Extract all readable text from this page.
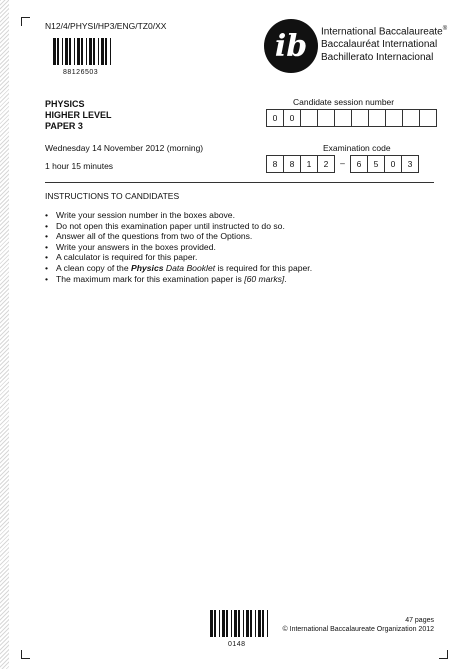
N12/4/PHYSI/HP3/ENG/TZ0/XX
88126503
ib International Baccalaureate®
Baccalauréat International
Bachillerato Internacional
PHYSICS
HIGHER LEVEL
PAPER 3
Candidate session number
0	0
Wednesday 14 November 2012 (morning)
1 hour 15 minutes
Examination code
8	8	1	2	–	6	5	0	3
INSTRUCTIONS TO CANDIDATES
• Write your session number in the boxes above.
• Do not open this examination paper until instructed to do so.
• Answer all of the questions from two of the Options.
• Write your answers in the boxes provided.
• A calculator is required for this paper.
• A clean copy of the Physics Data Booklet is required for this paper.
• The maximum mark for this examination paper is [60 marks].
47 pages
© International Baccalaureate Organization 2012
0148
